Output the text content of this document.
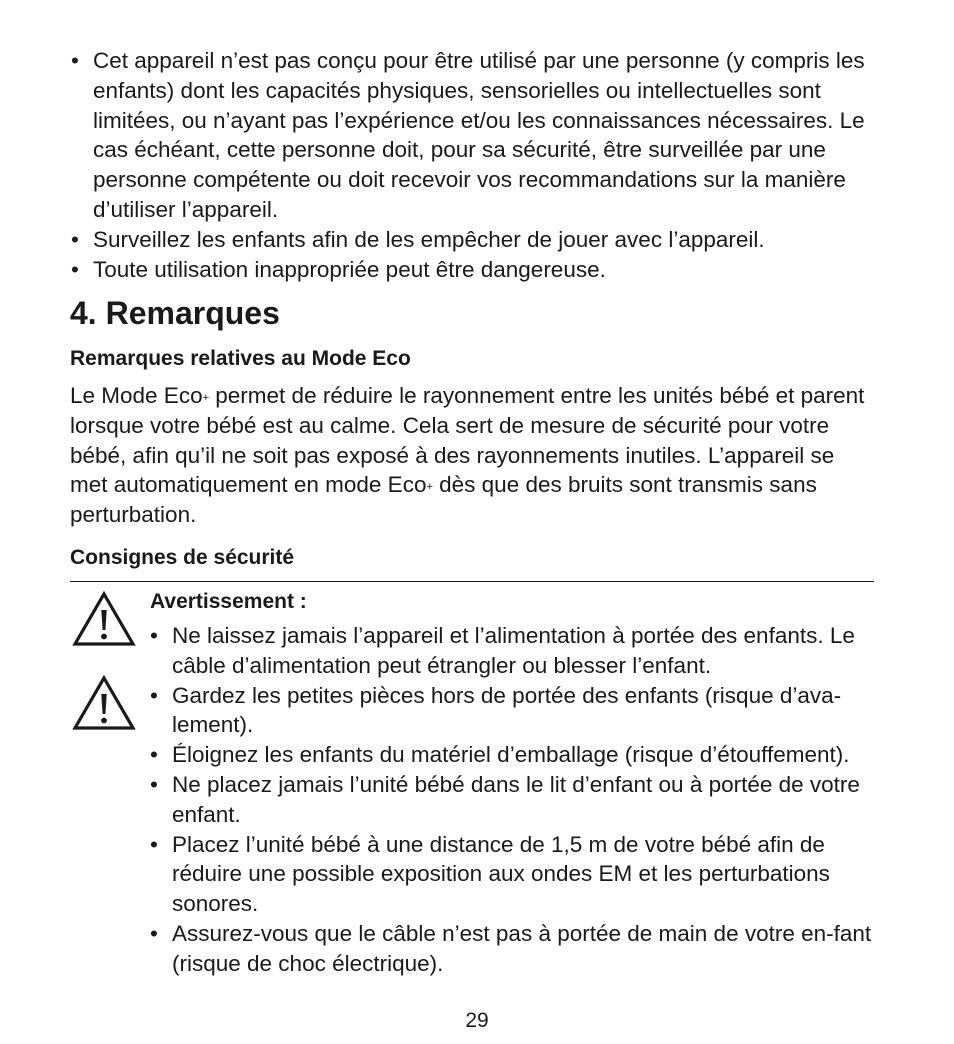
• Cet appareil n’est pas conçu pour être utilisé par une personne (y compris les enfants) dont les capacités physiques, sensorielles ou intellectuelles sont limitées, ou n’ayant pas l’expérience et/ou les connaissances nécessaires. Le cas échéant, cette personne doit, pour sa sécurité, être surveillée par une personne compétente ou doit recevoir vos recommandations sur la manière d’utiliser l’appareil.
• Surveillez les enfants afin de les empêcher de jouer avec l’appareil.
• Toute utilisation inappropriée peut être dangereuse.
4. Remarques
Remarques relatives au Mode Eco

Le Mode Eco+ permet de réduire le rayonnement entre les unités bébé et parent lorsque votre bébé est au calme. Cela sert de mesure de sécurité pour votre bébé, afin qu’il ne soit pas exposé à des rayonnements inutiles. L’appareil se met automatiquement en mode Eco+ dès que des bruits sont transmis sans perturbation.

Consignes de sécurité
Avertissement :
• Ne laissez jamais l’appareil et l’alimentation à portée des enfants. Le câble d’alimentation peut étrangler ou blesser l’enfant.
• Gardez les petites pièces hors de portée des enfants (risque d’ava-lement).
• Éloignez les enfants du matériel d’emballage (risque d’étouffement).
• Ne placez jamais l’unité bébé dans le lit d’enfant ou à portée de votre enfant.
• Placez l’unité bébé à une distance de 1,5 m de votre bébé afin de réduire une possible exposition aux ondes EM et les perturbations sonores.
• Assurez-vous que le câble n’est pas à portée de main de votre en-fant (risque de choc électrique).
29
